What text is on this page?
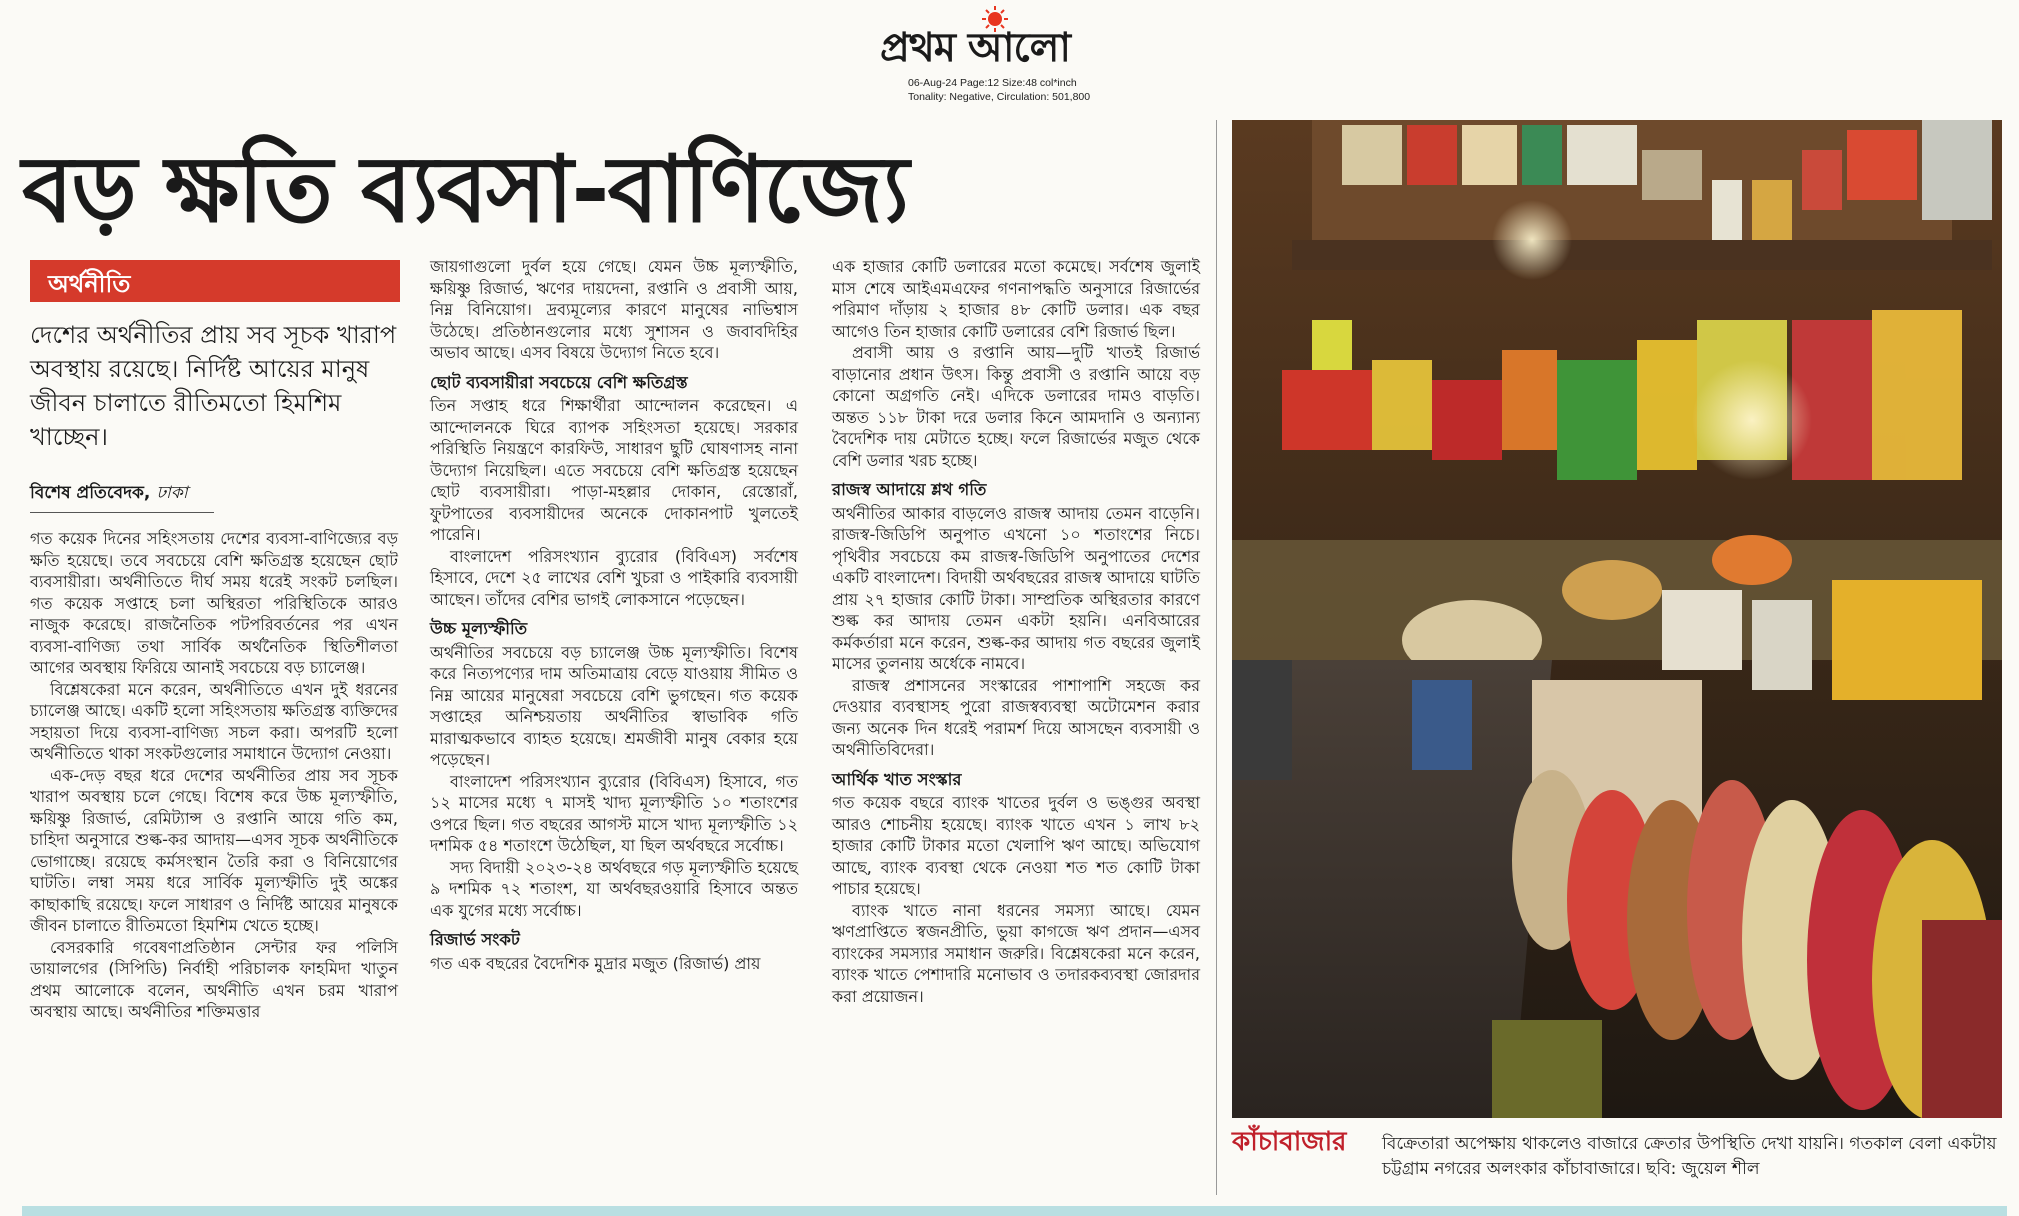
প্রথম আলো
06-Aug-24 Page:12 Size:48 col*inch
Tonality: Negative, Circulation: 501,800
বড় ক্ষতি ব্যবসা-বাণিজ্যে
অর্থনীতি
দেশের অর্থনীতির প্রায় সব সূচক খারাপ অবস্থায় রয়েছে। নির্দিষ্ট আয়ের মানুষ জীবন চালাতে রীতিমতো হিমশিম খাচ্ছেন।
বিশেষ প্রতিবেদক, ঢাকা

গত কয়েক দিনের সহিংসতায় দেশের ব্যবসা-বাণিজ্যের বড় ক্ষতি হয়েছে। তবে সবচেয়ে বেশি ক্ষতিগ্রস্ত হয়েছেন ছোট ব্যবসায়ীরা। অর্থনীতিতে দীর্ঘ সময় ধরেই সংকট চলছিল। গত কয়েক সপ্তাহে চলা অস্থিরতা পরিস্থিতিকে আরও নাজুক করেছে। রাজনৈতিক পটপরিবর্তনের পর এখন ব্যবসা-বাণিজ্য তথা সার্বিক অর্থনৈতিক স্থিতিশীলতা আগের অবস্থায় ফিরিয়ে আনাই সবচেয়ে বড় চ্যালেঞ্জ।

বিশ্লেষকেরা মনে করেন, অর্থনীতিতে এখন দুই ধরনের চ্যালেঞ্জ আছে। একটি হলো সহিংসতায় ক্ষতিগ্রস্ত ব্যক্তিদের সহায়তা দিয়ে ব্যবসা-বাণিজ্য সচল করা। অপরটি হলো অর্থনীতিতে থাকা সংকটগুলোর সমাধানে উদ্যোগ নেওয়া।

এক-দেড় বছর ধরে দেশের অর্থনীতির প্রায় সব সূচক খারাপ অবস্থায় চলে গেছে। বিশেষ করে উচ্চ মূল্যস্ফীতি, ক্ষয়িষ্ণু রিজার্ভ, রেমিট্যান্স ও রপ্তানি আয়ে গতি কম, চাহিদা অনুসারে শুল্ক-কর আদায়—এসব সূচক অর্থনীতিকে ভোগাচ্ছে। রয়েছে কর্মসংস্থান তৈরি করা ও বিনিয়োগের ঘাটতি। লম্বা সময় ধরে সার্বিক মূল্যস্ফীতি দুই অঙ্কের কাছাকাছি রয়েছে। ফলে সাধারণ ও নির্দিষ্ট আয়ের মানুষকে জীবন চালাতে রীতিমতো হিমশিম খেতে হচ্ছে।

বেসরকারি গবেষণাপ্রতিষ্ঠান সেন্টার ফর পলিসি ডায়ালগের (সিপিডি) নির্বাহী পরিচালক ফাহমিদা খাতুন প্রথম আলোকে বলেন, অর্থনীতি এখন চরম খারাপ অবস্থায় আছে। অর্থনীতির শক্তিমত্তার

জায়গাগুলো দুর্বল হয়ে গেছে। যেমন উচ্চ মূল্যস্ফীতি, ক্ষয়িষ্ণু রিজার্ভ, ঋণের দায়দেনা, রপ্তানি ও প্রবাসী আয়, নিম্ন বিনিয়োগ। দ্রব্যমূল্যের কারণে মানুষের নাভিশ্বাস উঠেছে। প্রতিষ্ঠানগুলোর মধ্যে সুশাসন ও জবাবদিহির অভাব আছে। এসব বিষয়ে উদ্যোগ নিতে হবে।

ছোট ব্যবসায়ীরা সবচেয়ে বেশি ক্ষতিগ্রস্ত

তিন সপ্তাহ ধরে শিক্ষার্থীরা আন্দোলন করেছেন। এ আন্দোলনকে ঘিরে ব্যাপক সহিংসতা হয়েছে। সরকার পরিস্থিতি নিয়ন্ত্রণে কারফিউ, সাধারণ ছুটি ঘোষণাসহ নানা উদ্যোগ নিয়েছিল। এতে সবচেয়ে বেশি ক্ষতিগ্রস্ত হয়েছেন ছোট ব্যবসায়ীরা। পাড়া-মহল্লার দোকান, রেস্তোরাঁ, ফুটপাতের ব্যবসায়ীদের অনেকে দোকানপাট খুলতেই পারেনি।

বাংলাদেশ পরিসংখ্যান ব্যুরোর (বিবিএস) সর্বশেষ হিসাবে, দেশে ২৫ লাখের বেশি খুচরা ও পাইকারি ব্যবসায়ী আছেন। তাঁদের বেশির ভাগই লোকসানে পড়েছেন।

উচ্চ মূল্যস্ফীতি

অর্থনীতির সবচেয়ে বড় চ্যালেঞ্জ উচ্চ মূল্যস্ফীতি। বিশেষ করে নিত্যপণ্যের দাম অতিমাত্রায় বেড়ে যাওয়ায় সীমিত ও নিম্ন আয়ের মানুষেরা সবচেয়ে বেশি ভুগছেন। গত কয়েক সপ্তাহের অনিশ্চয়তায় অর্থনীতির স্বাভাবিক গতি মারাত্মকভাবে ব্যাহত হয়েছে। শ্রমজীবী মানুষ বেকার হয়ে পড়েছেন।

বাংলাদেশ পরিসংখ্যান ব্যুরোর (বিবিএস) হিসাবে, গত ১২ মাসের মধ্যে ৭ মাসই খাদ্য মূল্যস্ফীতি ১০ শতাংশের ওপরে ছিল। গত বছরের আগস্ট মাসে খাদ্য মূল্যস্ফীতি ১২ দশমিক ৫৪ শতাংশে উঠেছিল, যা ছিল অর্থবছরে সর্বোচ্চ।

সদ্য বিদায়ী ২০২৩-২৪ অর্থবছরে গড় মূল্যস্ফীতি হয়েছে ৯ দশমিক ৭২ শতাংশ, যা অর্থবছরওয়ারি হিসাবে অন্তত এক যুগের মধ্যে সর্বোচ্চ।

রিজার্ভ সংকট

গত এক বছরের বৈদেশিক মুদ্রার মজুত (রিজার্ভ) প্রায়

এক হাজার কোটি ডলারের মতো কমেছে। সর্বশেষ জুলাই মাস শেষে আইএমএফের গণনাপদ্ধতি অনুসারে রিজার্ভের পরিমাণ দাঁড়ায় ২ হাজার ৪৮ কোটি ডলার। এক বছর আগেও তিন হাজার কোটি ডলারের বেশি রিজার্ভ ছিল।

প্রবাসী আয় ও রপ্তানি আয়—দুটি খাতই রিজার্ভ বাড়ানোর প্রধান উৎস। কিন্তু প্রবাসী ও রপ্তানি আয়ে বড় কোনো অগ্রগতি নেই। এদিকে ডলারের দামও বাড়তি। অন্তত ১১৮ টাকা দরে ডলার কিনে আমদানি ও অন্যান্য বৈদেশিক দায় মেটাতে হচ্ছে। ফলে রিজার্ভের মজুত থেকে বেশি ডলার খরচ হচ্ছে।

রাজস্ব আদায়ে শ্লথ গতি

অর্থনীতির আকার বাড়লেও রাজস্ব আদায় তেমন বাড়েনি। রাজস্ব-জিডিপি অনুপাত এখনো ১০ শতাংশের নিচে। পৃথিবীর সবচেয়ে কম রাজস্ব-জিডিপি অনুপাতের দেশের একটি বাংলাদেশ। বিদায়ী অর্থবছরের রাজস্ব আদায়ে ঘাটতি প্রায় ২৭ হাজার কোটি টাকা। সাম্প্রতিক অস্থিরতার কারণে শুল্ক কর আদায় তেমন একটা হয়নি। এনবিআরের কর্মকর্তারা মনে করেন, শুল্ক-কর আদায় গত বছরের জুলাই মাসের তুলনায় অর্ধেকে নামবে।

রাজস্ব প্রশাসনের সংস্কারের পাশাপাশি সহজে কর দেওয়ার ব্যবস্থাসহ পুরো রাজস্বব্যবস্থা অটোমেশন করার জন্য অনেক দিন ধরেই পরামর্শ দিয়ে আসছেন ব্যবসায়ী ও অর্থনীতিবিদেরা।

আর্থিক খাত সংস্কার

গত কয়েক বছরে ব্যাংক খাতের দুর্বল ও ভঙ্গুর অবস্থা আরও শোচনীয় হয়েছে। ব্যাংক খাতে এখন ১ লাখ ৮২ হাজার কোটি টাকার মতো খেলাপি ঋণ আছে। অভিযোগ আছে, ব্যাংক ব্যবস্থা থেকে নেওয়া শত শত কোটি টাকা পাচার হয়েছে।

ব্যাংক খাতে নানা ধরনের সমস্যা আছে। যেমন ঋণপ্রাপ্তিতে স্বজনপ্রীতি, ভুয়া কাগজে ঋণ প্রদান—এসব ব্যাংকের সমস্যার সমাধান জরুরি। বিশ্লেষকেরা মনে করেন, ব্যাংক খাতে পেশাদারি মনোভাব ও তদারকব্যবস্থা জোরদার করা প্রয়োজন।

কাঁচাবাজার বিক্রেতারা অপেক্ষায় থাকলেও বাজারে ক্রেতার উপস্থিতি দেখা যায়নি। গতকাল বেলা একটায় চট্টগ্রাম নগরের অলংকার কাঁচাবাজারে। ছবি: জুয়েল শীল
